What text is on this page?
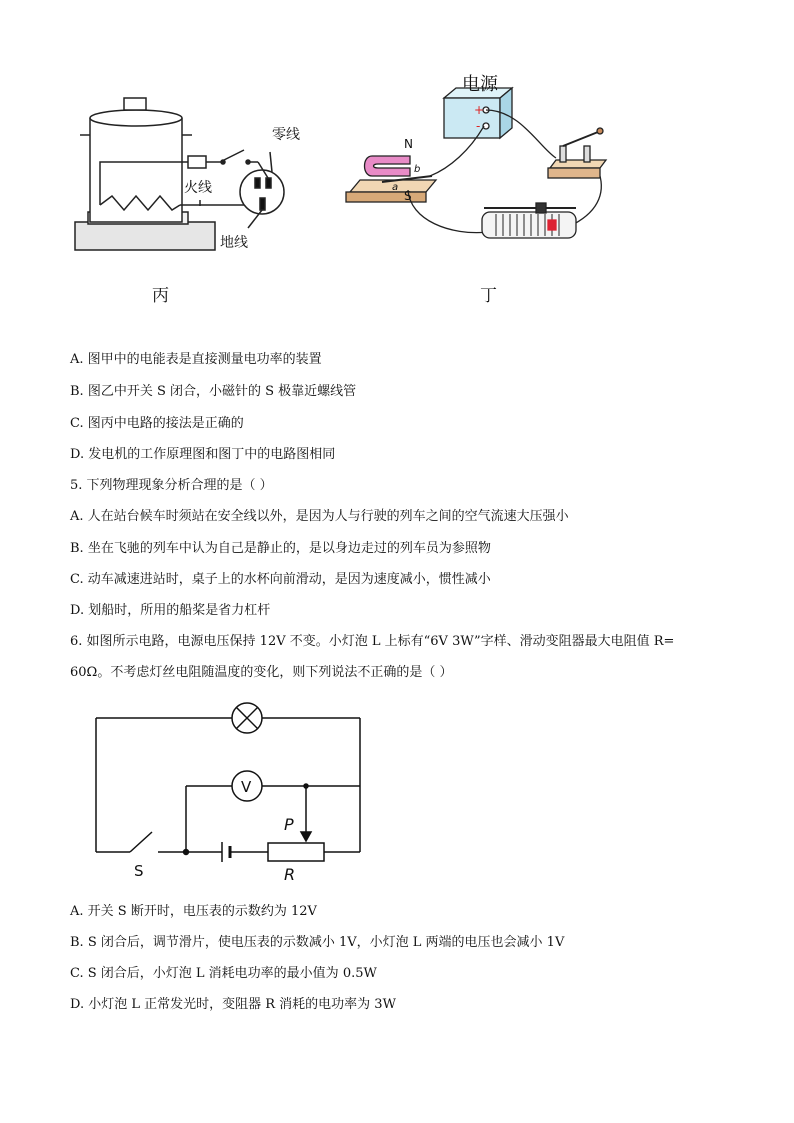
零线
火线
地线
电源
+
-
N
S
b
a
丙	丁
A. 图甲中的电能表是直接测量电功率的装置
B. 图乙中开关 S 闭合，小磁针的 S 极靠近螺线管
C. 图丙中电路的接法是正确的
D. 发电机的工作原理图和图丁中的电路图相同
5. 下列物理现象分析合理的是（ ）
A. 人在站台候车时须站在安全线以外，是因为人与行驶的列车之间的空气流速大压强小
B. 坐在飞驰的列车中认为自己是静止的，是以身边走过的列车员为参照物
C. 动车减速进站时，桌子上的水杯向前滑动，是因为速度减小，惯性减小
D. 划船时，所用的船桨是省力杠杆
6. 如图所示电路，电源电压保持 12V 不变。小灯泡 L 上标有“6V 3W”字样、滑动变阻器最大电阻值 R=
60Ω。不考虑灯丝电阻随温度的变化，则下列说法不正确的是（ ）
V
P
R
S
A. 开关 S 断开时，电压表的示数约为 12V
B. S 闭合后，调节滑片，使电压表的示数减小 1V，小灯泡 L 两端的电压也会减小 1V
C. S 闭合后，小灯泡 L 消耗电功率的最小值为 0.5W
D. 小灯泡 L 正常发光时，变阻器 R 消耗的电功率为 3W
